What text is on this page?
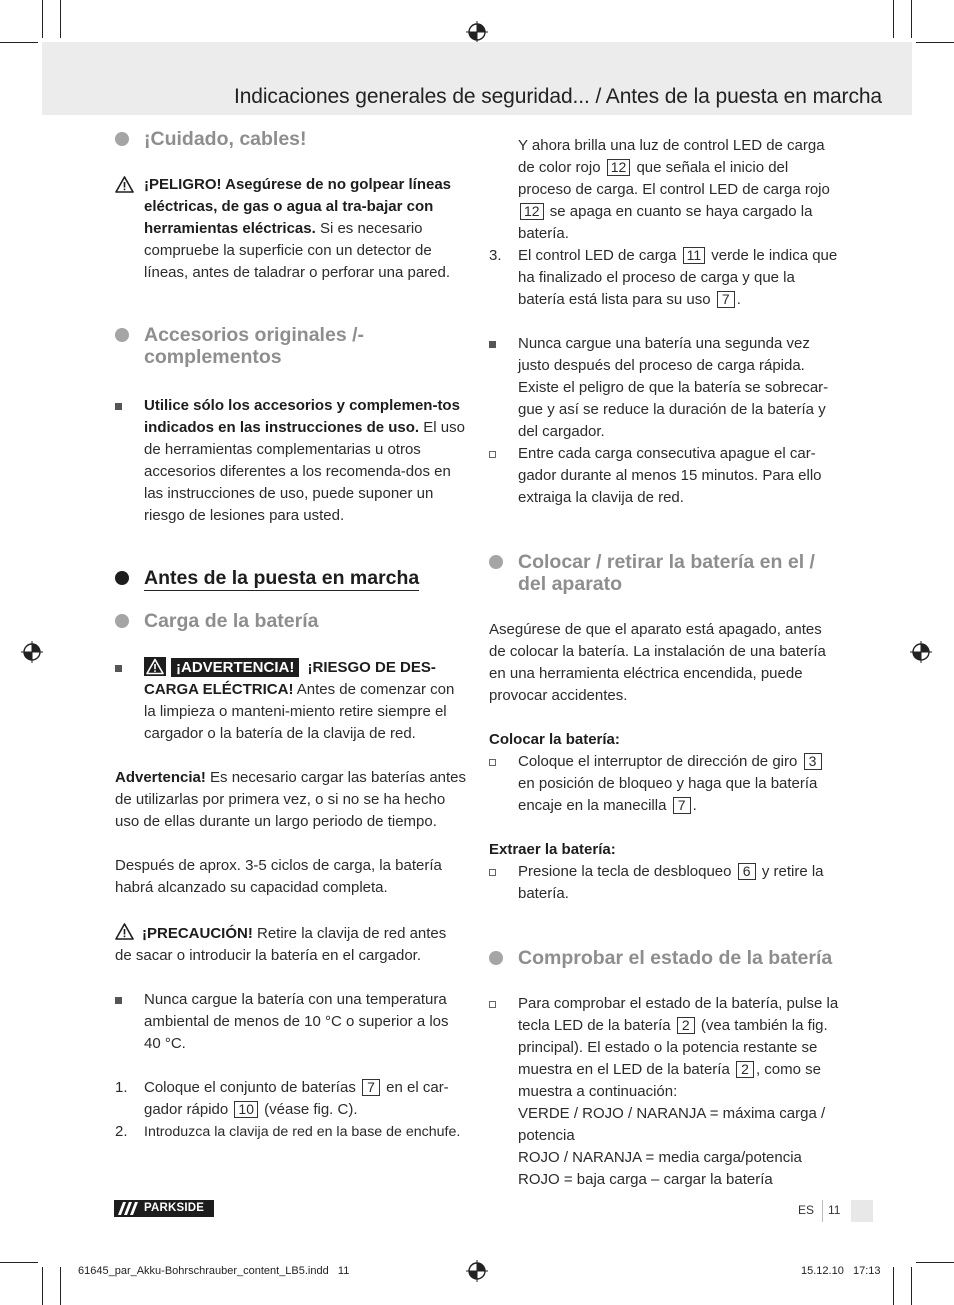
Indicaciones generales de seguridad... / Antes de la puesta en marcha
¡Cuidado, cables!

¡PELIGRO! Asegúrese de no golpear líneas eléctricas, de gas o agua al tra-bajar con herramientas eléctricas. Si es necesario compruebe la superficie con un detector de líneas, antes de taladrar o perforar una pared.

Accesorios originales /- complementos

Utilice sólo los accesorios y complemen-tos indicados en las instrucciones de uso. El uso de herramientas complementarias u otros accesorios diferentes a los recomenda-dos en las instrucciones de uso, puede suponer un riesgo de lesiones para usted.

Antes de la puesta en marcha
Carga de la batería

¡ADVERTENCIA! ¡RIESGO DE DES-CARGA ELÉCTRICA! Antes de comenzar con la limpieza o manteni-miento retire siempre el cargador o la batería de la clavija de red.

Advertencia! Es necesario cargar las baterías antes de utilizarlas por primera vez, o si no se ha hecho uso de ellas durante un largo periodo de tiempo.

Después de aprox. 3-5 ciclos de carga, la batería habrá alcanzado su capacidad completa.

¡PRECAUCIÓN! Retire la clavija de red antes de sacar o introducir la batería en el cargador.

Nunca cargue la batería con una temperatura ambiental de menos de 10 °C o superior a los 40 °C.

1.	Coloque el conjunto de baterías 7 en el car-gador rápido 10 (véase fig. C).

2.	Introduzca la clavija de red en la base de enchufe.

Y ahora brilla una luz de control LED de carga de color rojo 12 que señala el inicio del proceso de carga. El control LED de carga rojo 12 se apaga en cuanto se haya cargado la batería.

3.	El control LED de carga 11 verde le indica que ha finalizado el proceso de carga y que la batería está lista para su uso 7 .

Nunca cargue una batería una segunda vez justo después del proceso de carga rápida. Existe el peligro de que la batería se sobrecar-gue y así se reduce la duración de la batería y del cargador.

Entre cada carga consecutiva apague el car-gador durante al menos 15 minutos. Para ello extraiga la clavija de red.

Colocar / retirar la batería en el / del aparato

Asegúrese de que el aparato está apagado, antes de colocar la batería. La instalación de una batería en una herramienta eléctrica encendida, puede provocar accidentes.

Colocar la batería:

Coloque el interruptor de dirección de giro 3 en posición de bloqueo y haga que la batería encaje en la manecilla 7 .

Extraer la batería:

Presione la tecla de desbloqueo 6 y retire la batería.

Comprobar el estado de la batería

Para comprobar el estado de la batería, pulse la tecla LED de la batería 2 (vea también la fig. principal). El estado o la potencia restante se muestra en el LED de la batería 2 , como se muestra a continuación:

VERDE / ROJO / NARANJA = máxima carga / potencia

ROJO / NARANJA = media carga/potencia

ROJO = baja carga – cargar la batería

PARKSIDE	ES 11
61645_par_Akku-Bohrschrauber_content_LB5.indd   11	15.12.10   17:13
